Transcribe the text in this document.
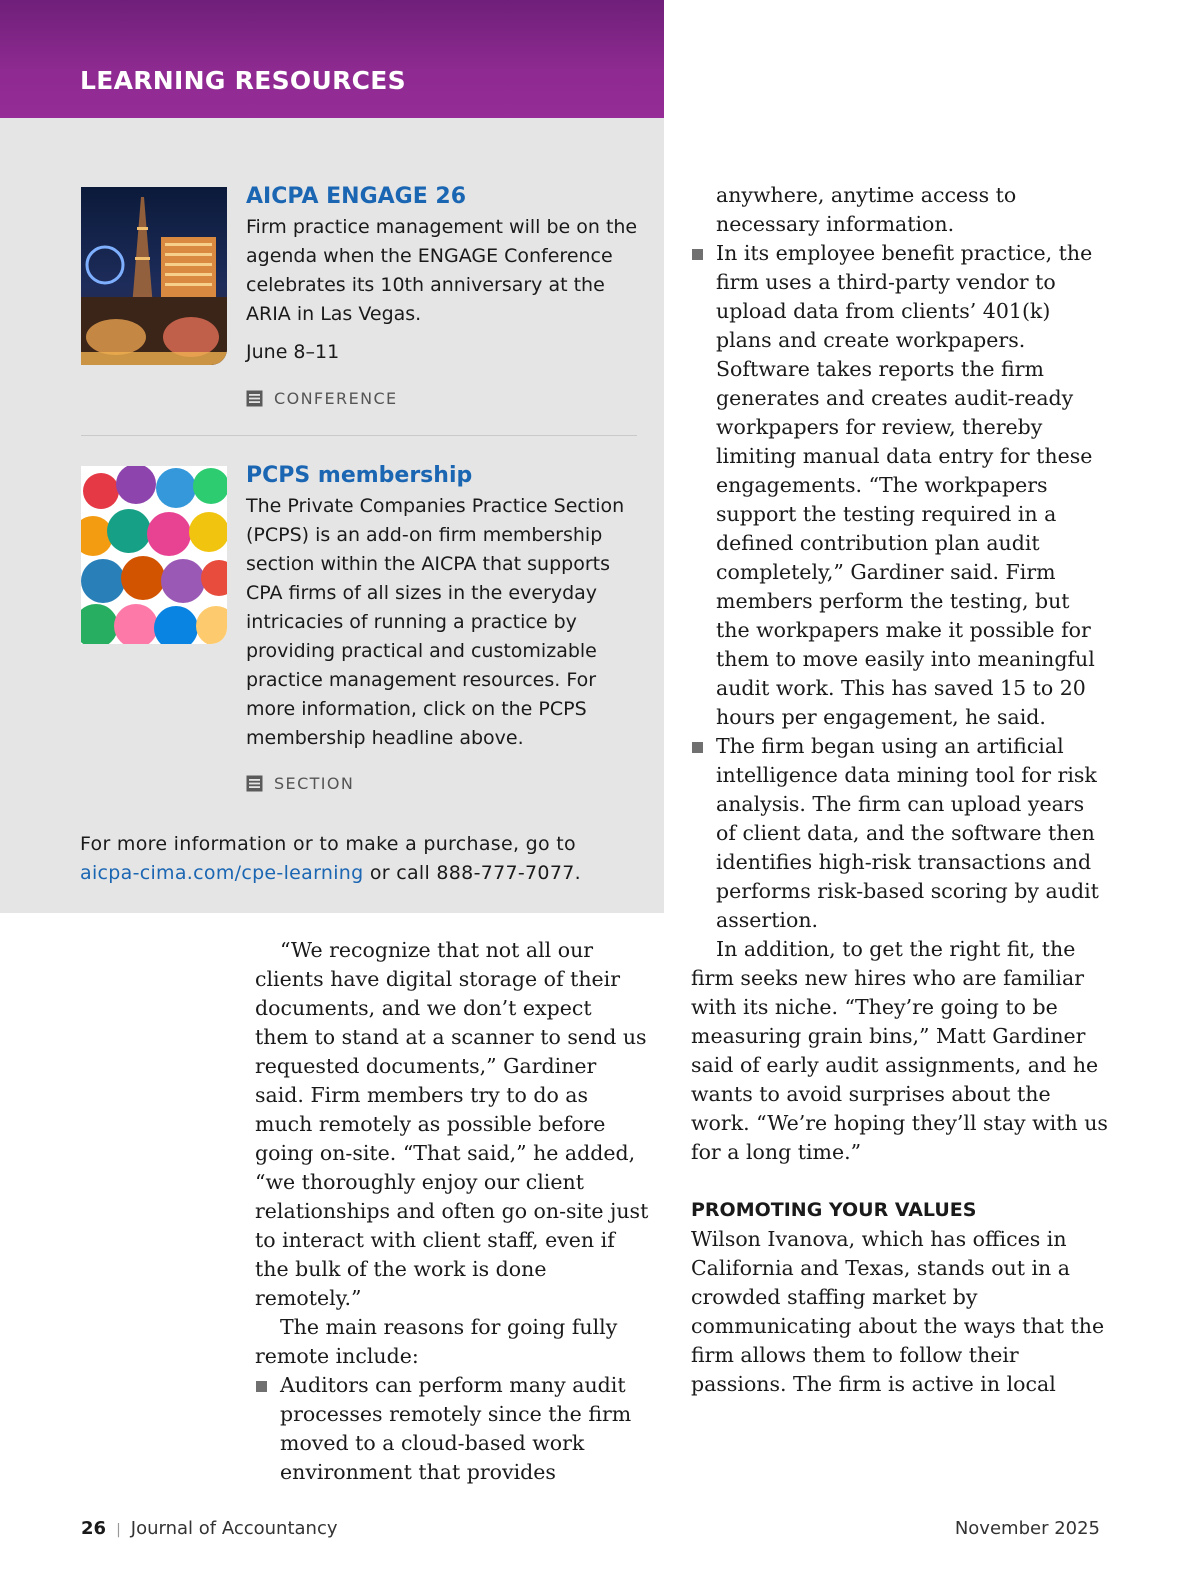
LEARNING RESOURCES
AICPA ENGAGE 26
Firm practice management will be on the agenda when the ENGAGE Conference celebrates its 10th anniversary at the ARIA in Las Vegas.
June 8–11
CONFERENCE
PCPS membership
The Private Companies Practice Section (PCPS) is an add-on firm membership section within the AICPA that supports CPA firms of all sizes in the everyday intricacies of running a practice by providing practical and customizable practice management resources. For more information, click on the PCPS membership headline above.
SECTION
For more information or to make a purchase, go to
aicpa-cima.com/cpe-learning or call 888-777-7077.

“We recognize that not all our clients have digital storage of their documents, and we don’t expect them to stand at a scanner to send us requested documents,” Gardiner said. Firm members try to do as much remotely as possible before going on-site. “That said,” he added, “we thoroughly enjoy our client relationships and often go on-site just to interact with client staff, even if the bulk of the work is done remotely.”

The main reasons for going fully remote include:

Auditors can perform many audit processes remotely since the firm moved to a cloud-based work environment that provides

anywhere, anytime access to necessary information.

In its employee benefit practice, the firm uses a third-party vendor to upload data from clients’ 401(k) plans and create workpapers. Software takes reports the firm generates and creates audit-ready workpapers for review, thereby limiting manual data entry for these engagements. “The workpapers support the testing required in a defined contribution plan audit completely,” Gardiner said. Firm members perform the testing, but the workpapers make it possible for them to move easily into meaningful audit work. This has saved 15 to 20 hours per engagement, he said.
The firm began using an artificial intelligence data mining tool for risk analysis. The firm can upload years of client data, and the software then identifies high-risk transactions and performs risk-based scoring by audit assertion.

In addition, to get the right fit, the firm seeks new hires who are familiar with its niche. “They’re going to be measuring grain bins,” Matt Gardiner said of early audit assignments, and he wants to avoid surprises about the work. “We’re hoping they’ll stay with us for a long time.”

PROMOTING YOUR VALUES

Wilson Ivanova, which has offices in California and Texas, stands out in a crowded staffing market by communicating about the ways that the firm allows them to follow their passions. The firm is active in local

26 | Journal of Accountancy	November 2025
